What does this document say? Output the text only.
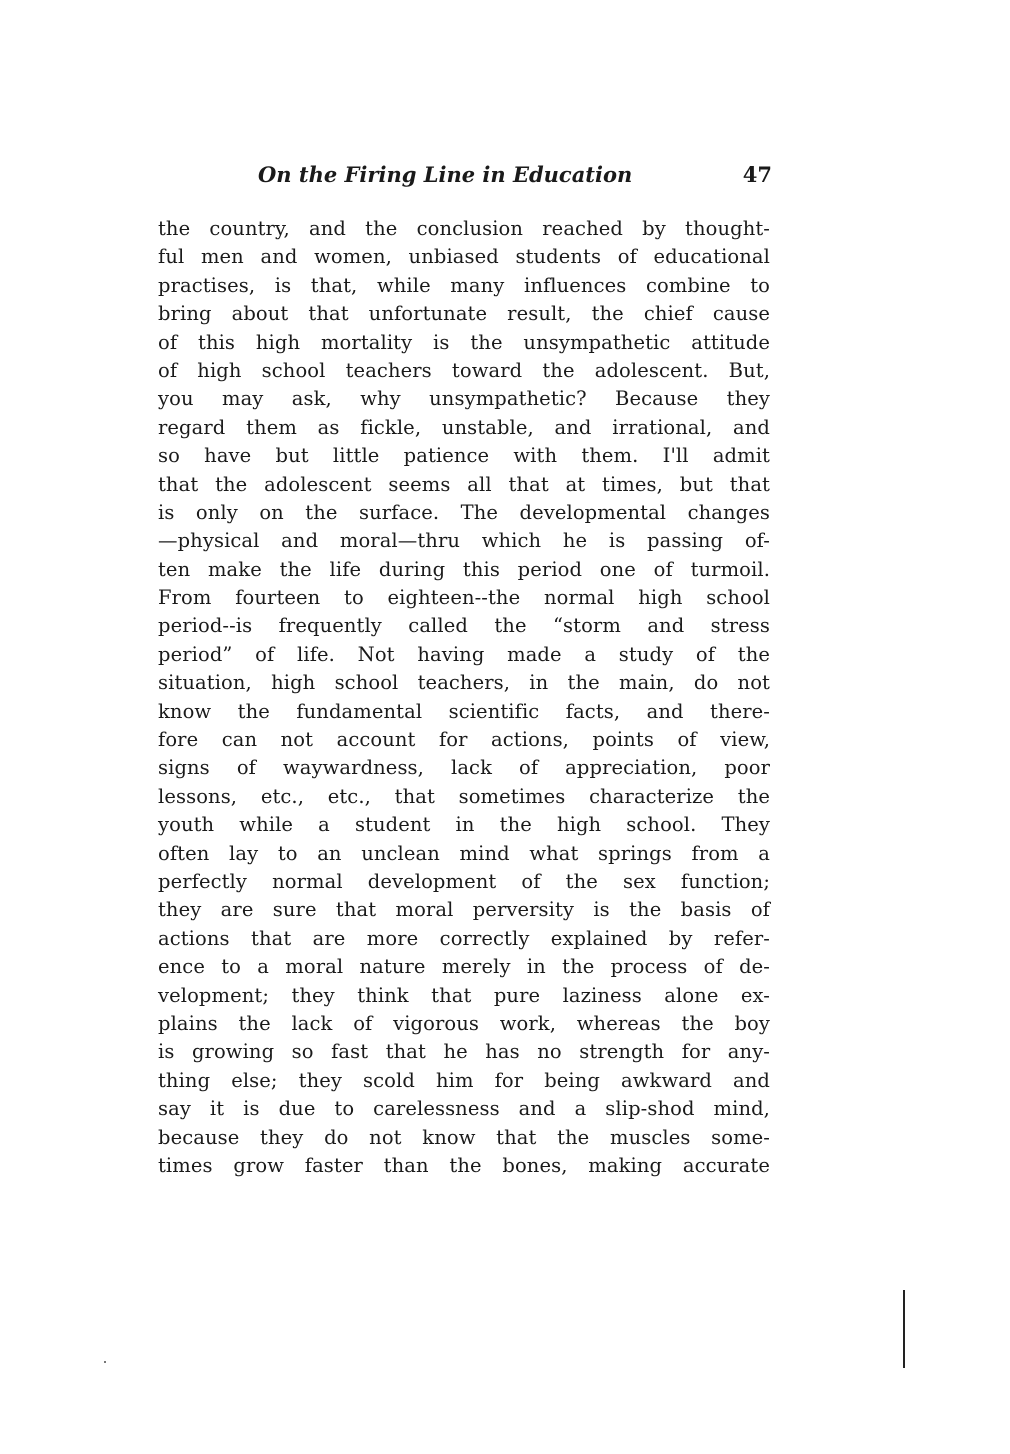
On the Firing Line in Education	47
the country, and the conclusion reached by thought-
ful men and women, unbiased students of educational
practises, is that, while many influences combine to
bring about that unfortunate result, the chief cause
of this high mortality is the unsympathetic attitude
of high school teachers toward the adolescent. But,
you may ask, why unsympathetic? Because they
regard them as fickle, unstable, and irrational, and
so have but little patience with them. I'll admit
that the adolescent seems all that at times, but that
is only on the surface. The developmental changes
—physical and moral—thru which he is passing of-
ten make the life during this period one of turmoil.
From fourteen to eighteen--the normal high school
period--is frequently called the “storm and stress
period” of life. Not having made a study of the
situation, high school teachers, in the main, do not
know the fundamental scientific facts, and there-
fore can not account for actions, points of view,
signs of waywardness, lack of appreciation, poor
lessons, etc., etc., that sometimes characterize the
youth while a student in the high school. They
often lay to an unclean mind what springs from a
perfectly normal development of the sex function;
they are sure that moral perversity is the basis of
actions that are more correctly explained by refer-
ence to a moral nature merely in the process of de-
velopment; they think that pure laziness alone ex-
plains the lack of vigorous work, whereas the boy
is growing so fast that he has no strength for any-
thing else; they scold him for being awkward and
say it is due to carelessness and a slip-shod mind,
because they do not know that the muscles some-
times grow faster than the bones, making accurate
